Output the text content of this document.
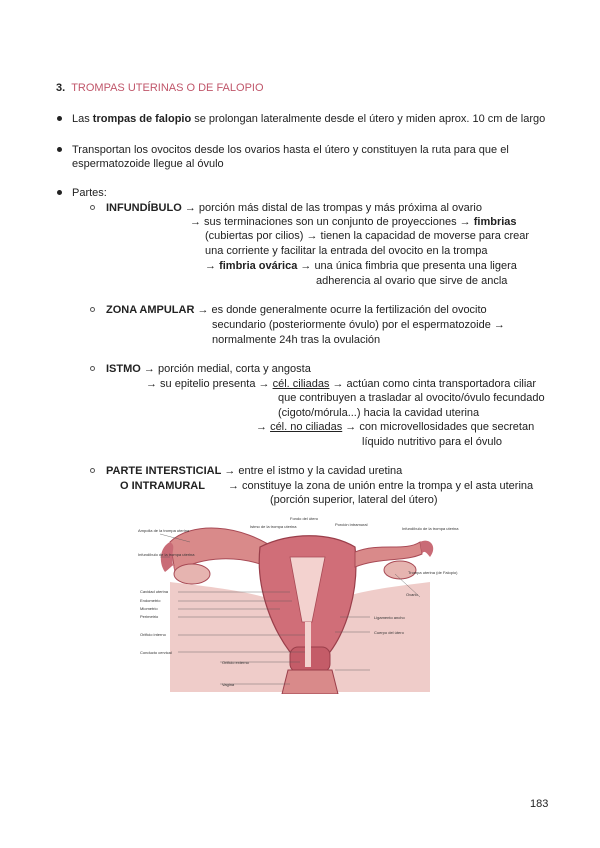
3. TROMPAS UTERINAS O DE FALOPIO
Las trompas de falopio se prolongan lateralmente desde el útero y miden aprox. 10 cm de largo
Transportan los ovocitos desde los ovarios hasta el útero y constituyen la ruta para que el
espermatozoide llegue al óvulo
Partes:
INFUNDÍBULO → porción más distal de las trompas y más próxima al ovario
→ sus terminaciones son un conjunto de proyecciones → fimbrias
(cubiertas por cilios) → tienen la capacidad de moverse para crear
una corriente y facilitar la entrada del ovocito en la trompa
→ fimbria ovárica → una única fimbria que presenta una ligera
adherencia al ovario que sirve de ancla
ZONA AMPULAR → es donde generalmente ocurre la fertilización del ovocito
secundario (posteriormente óvulo) por el espermatozoide →
normalmente 24h tras la ovulación
ISTMO → porción medial, corta y angosta
→ su epitelio presenta → cél. ciliadas → actúan como cinta transportadora ciliar
que contribuyen a trasladar al ovocito/óvulo fecundado
(cigoto/mórula...) hacia la cavidad uterina
→ cél. no ciliadas → con microvellosidades que secretan
líquido nutritivo para el óvulo
PARTE INTERSTICIAL → entre el istmo y la cavidad uretina
O INTRAMURAL → constituye la zona de unión entre la trompa y el asta uterina
(porción superior, lateral del útero)
Ampolla de la trompa uterina
Infundíbulo de la trompa uterina
Istmo de la trompa uterina
Fondo del útero
Porción intramural
Infundíbulo de la trompa uterina
Trompa uterina (de Falopio)
Cavidad uterina
Endometrio
Miometrio
Perimetrio
Orificio interno	Cuerpo del útero
Conducto cervical
Orificio externo
Vagina
Ovario
Ligamento ancho
183
